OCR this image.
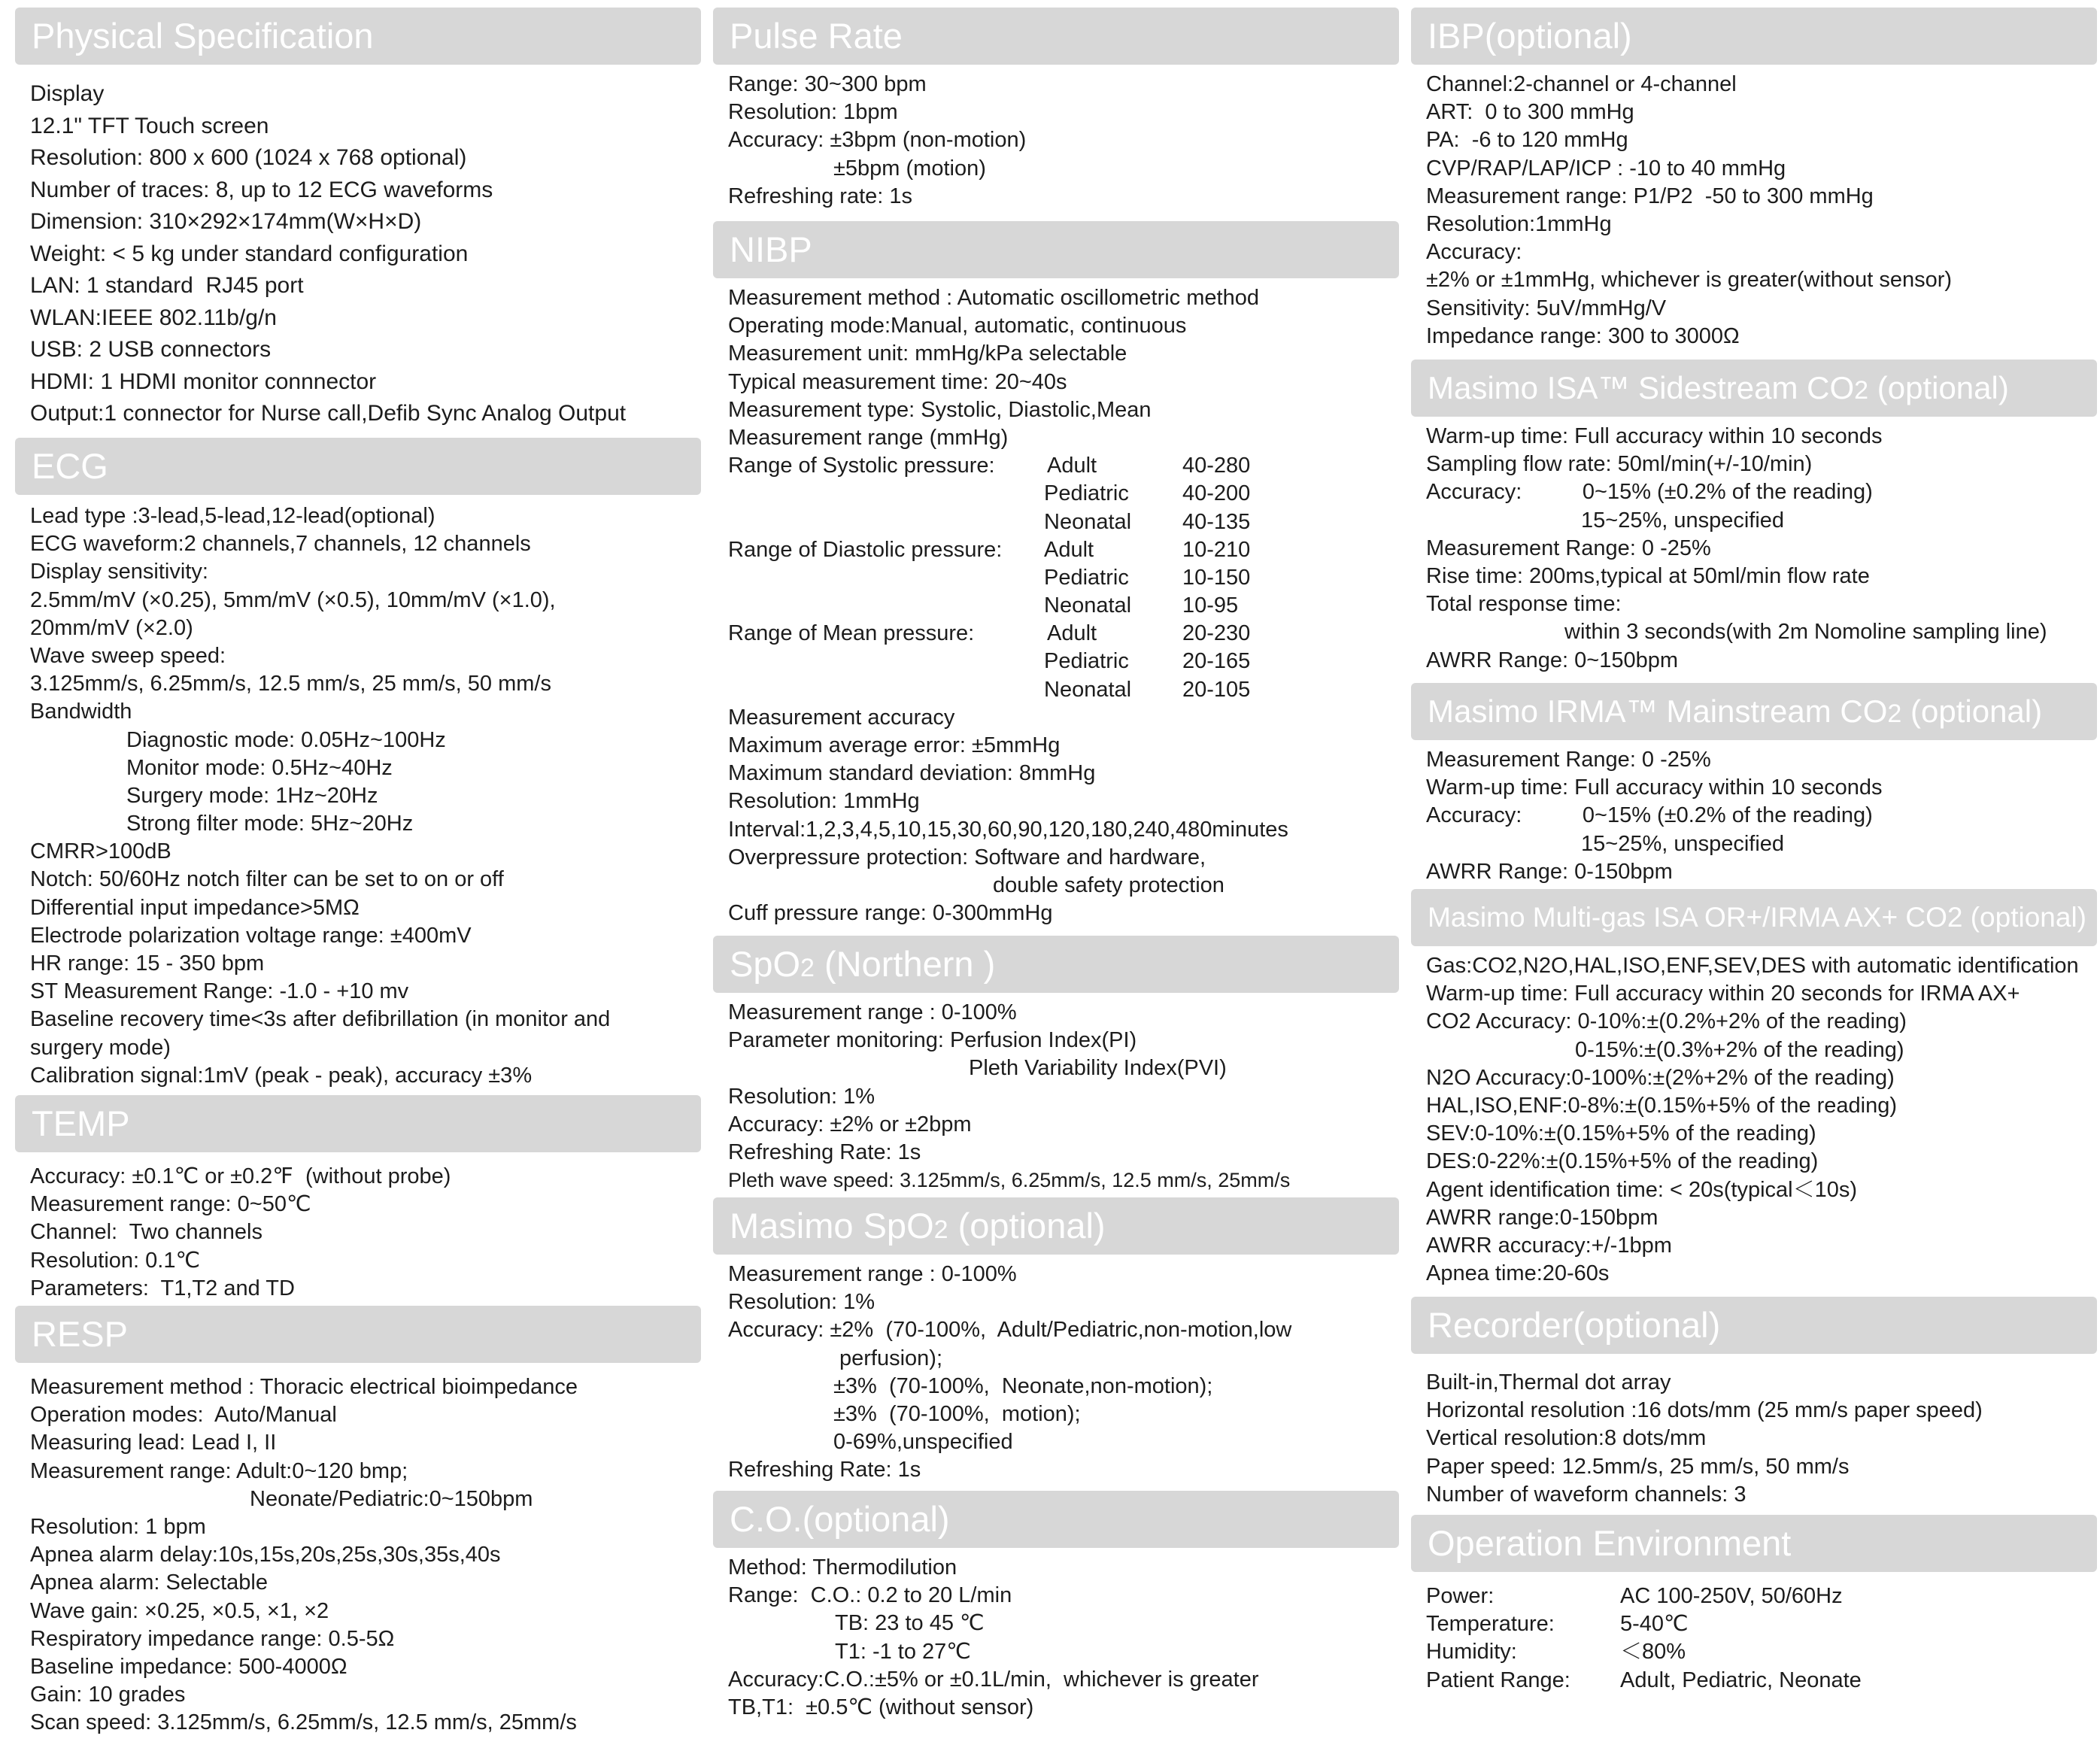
Physical Specification
Display
12.1" TFT Touch screen
Resolution: 800 x 600 (1024 x 768 optional)
Number of traces: 8, up to 12 ECG waveforms
Dimension: 310×292×174mm(W×H×D)
Weight: < 5 kg under standard configuration
LAN: 1 standard  RJ45 port
WLAN:IEEE 802.11b/g/n
USB: 2 USB connectors
HDMI: 1 HDMI monitor connnector
Output:1 connector for Nurse call,Defib Sync Analog Output
ECG
Lead type :3-lead,5-lead,12-lead(optional)
ECG waveform:2 channels,7 channels, 12 channels
Display sensitivity:
2.5mm/mV (×0.25), 5mm/mV (×0.5), 10mm/mV (×1.0),
20mm/mV (×2.0)
Wave sweep speed:
3.125mm/s, 6.25mm/s, 12.5 mm/s, 25 mm/s, 50 mm/s
Bandwidth
Diagnostic mode: 0.05Hz~100Hz
Monitor mode: 0.5Hz~40Hz
Surgery mode: 1Hz~20Hz
Strong filter mode: 5Hz~20Hz
CMRR>100dB
Notch: 50/60Hz notch filter can be set to on or off
Differential input impedance>5MΩ
Electrode polarization voltage range: ±400mV
HR range: 15 - 350 bpm
ST Measurement Range: -1.0 - +10 mv
Baseline recovery time<3s after defibrillation (in monitor and
surgery mode)
Calibration signal:1mV (peak - peak), accuracy ±3%
TEMP
Accuracy: ±0.1℃ or ±0.2℉  (without probe)
Measurement range: 0~50℃
Channel:  Two channels
Resolution: 0.1℃
Parameters:  T1,T2 and TD
RESP
Measurement method : Thoracic electrical bioimpedance
Operation modes:  Auto/Manual
Measuring lead: Lead I, II
Measurement range: Adult:0~120 bmp;
Neonate/Pediatric:0~150bpm
Resolution: 1 bpm
Apnea alarm delay:10s,15s,20s,25s,30s,35s,40s
Apnea alarm: Selectable
Wave gain: ×0.25, ×0.5, ×1, ×2
Respiratory impedance range: 0.5-5Ω
Baseline impedance: 500-4000Ω
Gain: 10 grades
Scan speed: 3.125mm/s, 6.25mm/s, 12.5 mm/s, 25mm/s
Pulse Rate
Range: 30~300 bpm
Resolution: 1bpm
Accuracy: ±3bpm (non-motion)
±5bpm (motion)
Refreshing rate: 1s
NIBP
Measurement method : Automatic oscillometric method
Operating mode:Manual, automatic, continuous
Measurement unit: mmHg/kPa selectable
Typical measurement time: 20~40s
Measurement type: Systolic, Diastolic,Mean
Measurement range (mmHg)
Range of Systolic pressure:	Adult	40-280
Pediatric 40-200
Neonatal 40-135
Range of Diastolic pressure:	Adult	10-210
Pediatric 10-150
Neonatal 10-95
Range of Mean pressure:	Adult	20-230
Pediatric 20-165
Neonatal 20-105
Measurement accuracy
Maximum average error: ±5mmHg
Maximum standard deviation: 8mmHg
Resolution: 1mmHg
Interval:1,2,3,4,5,10,15,30,60,90,120,180,240,480minutes
Overpressure protection: Software and hardware,
double safety protection
Cuff pressure range: 0-300mmHg
SpO2 (Northern )
Measurement range : 0-100%
Parameter monitoring: Perfusion Index(PI)
Pleth Variability Index(PVI)
Resolution: 1%
Accuracy: ±2% or ±2bpm
Refreshing Rate: 1s
Pleth wave speed: 3.125mm/s, 6.25mm/s, 12.5 mm/s, 25mm/s
Masimo SpO2 (optional)
Measurement range : 0-100%
Resolution: 1%
Accuracy: ±2%  (70-100%,  Adult/Pediatric,non-motion,low
perfusion);
±3%  (70-100%,  Neonate,non-motion);
±3%  (70-100%,  motion);
0-69%,unspecified
Refreshing Rate: 1s
C.O.(optional)
Method: Thermodilution
Range:  C.O.: 0.2 to 20 L/min
TB: 23 to 45 ℃
T1: -1 to 27℃
Accuracy:C.O.:±5% or ±0.1L/min,  whichever is greater
TB,T1:  ±0.5℃ (without sensor)
IBP(optional)
Channel:2-channel or 4-channel
ART:  0 to 300 mmHg
PA:  -6 to 120 mmHg
CVP/RAP/LAP/ICP : -10 to 40 mmHg
Measurement range: P1/P2  -50 to 300 mmHg
Resolution:1mmHg
Accuracy:
±2% or ±1mmHg, whichever is greater(without sensor)
Sensitivity: 5uV/mmHg/V
Impedance range: 300 to 3000Ω
Masimo ISA™ Sidestream CO2 (optional)
Warm-up time: Full accuracy within 10 seconds
Sampling flow rate: 50ml/min(+/-10/min)
Accuracy:          0~15% (±0.2% of the reading)
15~25%, unspecified
Measurement Range: 0 -25%
Rise time: 200ms,typical at 50ml/min flow rate
Total response time:
within 3 seconds(with 2m Nomoline sampling line)
AWRR Range: 0~150bpm
Masimo IRMA™ Mainstream CO2 (optional)
Measurement Range: 0 -25%
Warm-up time: Full accuracy within 10 seconds
Accuracy:          0~15% (±0.2% of the reading)
15~25%, unspecified
AWRR Range: 0-150bpm
Masimo Multi-gas ISA OR+/IRMA AX+ CO2 (optional)
Gas:CO2,N2O,HAL,ISO,ENF,SEV,DES with automatic identification
Warm-up time: Full accuracy within 20 seconds for IRMA AX+
CO2 Accuracy: 0-10%:±(0.2%+2% of the reading)
0-15%:±(0.3%+2% of the reading)
N2O Accuracy:0-100%:±(2%+2% of the reading)
HAL,ISO,ENF:0-8%:±(0.15%+5% of the reading)
SEV:0-10%:±(0.15%+5% of the reading)
DES:0-22%:±(0.15%+5% of the reading)
Agent identification time: < 20s(typical＜10s)
AWRR range:0-150bpm
AWRR accuracy:+/-1bpm
Apnea time:20-60s
Recorder(optional)
Built-in,Thermal dot array
Horizontal resolution :16 dots/mm (25 mm/s paper speed)
Vertical resolution:8 dots/mm
Paper speed: 12.5mm/s, 25 mm/s, 50 mm/s
Number of waveform channels: 3
Operation Environment
Power:	AC 100-250V, 50/60Hz
Temperature:	5-40℃
Humidity:	＜80%
Patient Range: Adult, Pediatric, Neonate
